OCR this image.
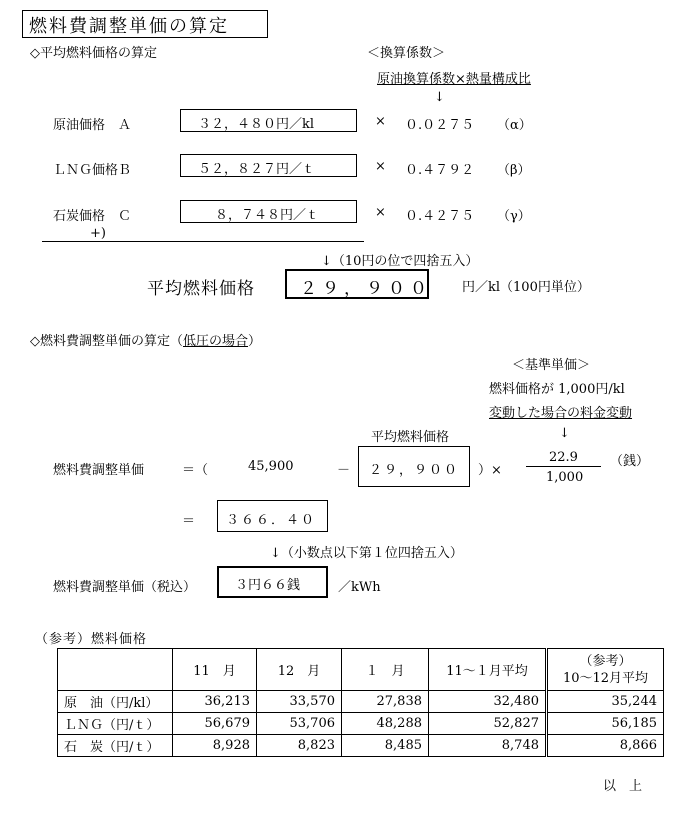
燃料費調整単価の算定
◇平均燃料価格の算定	＜換算係数＞
原油換算係数×熱量構成比
↓
原油価格　Ａ	３２，４８０円／kl	× ０.０２７５ （α）
ＬＮＧ価格Ｂ	５２，８２７円／ｔ	× ０.４７９２ （β）
石炭価格　Ｃ	８，７４８円／ｔ	× ０.４２７５ （γ）
+)
↓（10円の位で四捨五入）
平均燃料価格	２９，９００ 円／kl（100円単位）
◇燃料費調整単価の算定（低圧の場合）
＜基準単価＞
燃料価格が 1,000円/kl
変動した場合の料金変動
↓
平均燃料価格
燃料費調整単価	＝（	45,900	－ ２９，９００ ）×
22.9
1,000
（銭）
＝ ３６６．４０
↓（小数点以下第１位四捨五入）
燃料費調整単価（税込）	３円６６銭	／kWh
（参考）燃料価格
	11　月	12　月	１　月	11～１月平均	（参考）
10～12月平均

原　油（円/kl）	36,213	33,570	27,838	32,480	35,244
ＬＮＧ（円/ｔ）	56,679	53,706	48,288	52,827	56,185
石　炭（円/ｔ）	8,928	8,823	8,485	8,748	8,866
以　上
